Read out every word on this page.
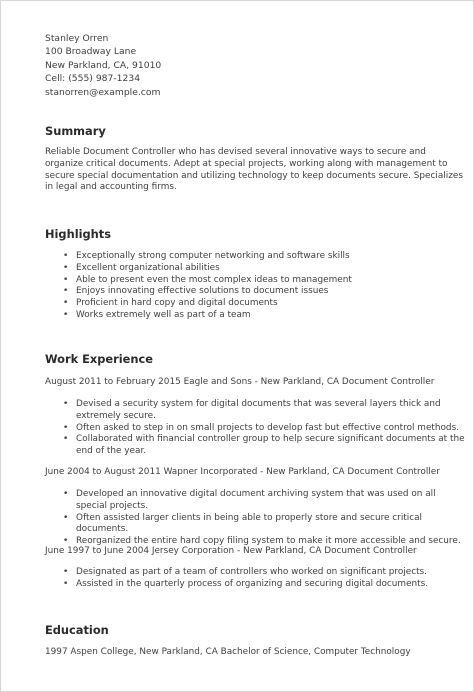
Stanley Orren
100 Broadway Lane
New Parkland, CA, 91010
Cell: (555) 987-1234
stanorren@example.com
Summary
Reliable Document Controller who has devised several innovative ways to secure and organize critical documents. Adept at special projects, working along with management to secure special documentation and utilizing technology to keep documents secure. Specializes in legal and accounting firms.
Highlights
• Exceptionally strong computer networking and software skills
• Excellent organizational abilities
• Able to present even the most complex ideas to management
• Enjoys innovating effective solutions to document issues
• Proficient in hard copy and digital documents
• Works extremely well as part of a team
Work Experience
August 2011 to February 2015 Eagle and Sons - New Parkland, CA Document Controller
• Devised a security system for digital documents that was several layers thick and extremely secure.
• Often asked to step in on small projects to develop fast but effective control methods.
• Collaborated with financial controller group to help secure significant documents at the end of the year.
June 2004 to August 2011 Wapner Incorporated - New Parkland, CA Document Controller
• Developed an innovative digital document archiving system that was used on all special projects.
• Often assisted larger clients in being able to properly store and secure critical documents.
• Reorganized the entire hard copy filing system to make it more accessible and secure.
June 1997 to June 2004 Jersey Corporation - New Parkland, CA Document Controller
• Designated as part of a team of controllers who worked on significant projects.
• Assisted in the quarterly process of organizing and securing digital documents.
Education
1997 Aspen College, New Parkland, CA Bachelor of Science, Computer Technology
